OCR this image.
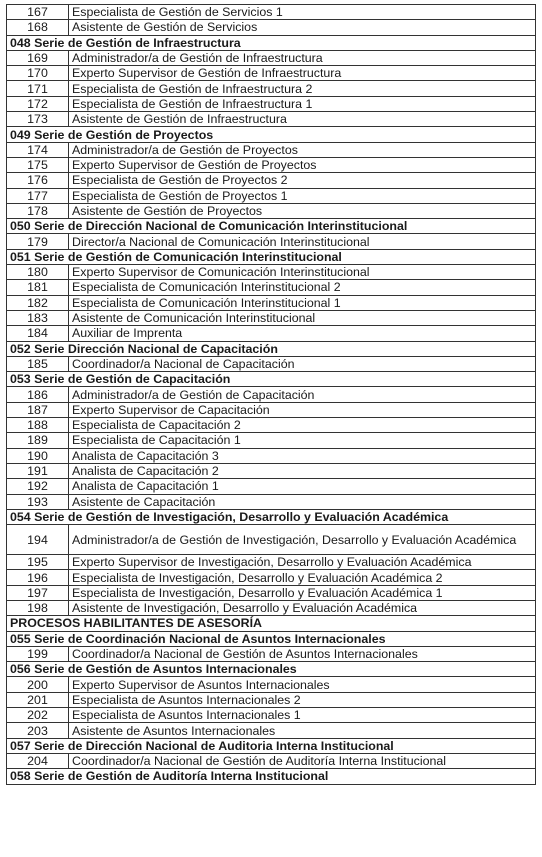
167	Especialista de Gestión de Servicios 1
168	Asistente de Gestión de Servicios
048 Serie de Gestión de Infraestructura	
169	Administrador/a de Gestión de Infraestructura
170	Experto Supervisor de Gestión de Infraestructura
171	Especialista de Gestión de Infraestructura 2
172	Especialista de Gestión de Infraestructura 1
173	Asistente de Gestión de Infraestructura
049 Serie de Gestión de Proyectos	
174	Administrador/a de Gestión de Proyectos
175	Experto Supervisor de Gestión de Proyectos
176	Especialista de Gestión de Proyectos 2
177	Especialista de Gestión de Proyectos 1
178	Asistente de Gestión de Proyectos
050 Serie de Dirección Nacional de Comunicación Interinstitucional	
179	Director/a Nacional de Comunicación Interinstitucional
051 Serie de Gestión de Comunicación Interinstitucional	
180	Experto Supervisor de Comunicación Interinstitucional
181	Especialista de Comunicación Interinstitucional 2
182	Especialista de Comunicación Interinstitucional 1
183	Asistente de Comunicación Interinstitucional
184	Auxiliar de Imprenta
052 Serie Dirección Nacional de Capacitación	
185	Coordinador/a Nacional de Capacitación
053 Serie de Gestión de Capacitación	
186	Administrador/a de Gestión de Capacitación
187	Experto Supervisor de Capacitación
188	Especialista de Capacitación 2
189	Especialista de Capacitación 1
190	Analista de Capacitación 3
191	Analista de Capacitación 2
192	Analista de Capacitación 1
193	Asistente de Capacitación
054 Serie de Gestión de Investigación, Desarrollo y Evaluación Académica	
194	Administrador/a de Gestión de Investigación, Desarrollo y Evaluación Académica
195	Experto Supervisor de Investigación, Desarrollo y Evaluación Académica
196	Especialista de Investigación, Desarrollo y Evaluación Académica 2
197	Especialista de Investigación, Desarrollo y Evaluación Académica 1
198	Asistente de Investigación, Desarrollo y Evaluación Académica
PROCESOS HABILITANTES DE ASESORÍA	
055 Serie de Coordinación Nacional de Asuntos Internacionales	
199	Coordinador/a Nacional de Gestión de Asuntos Internacionales
056 Serie de Gestión de Asuntos Internacionales	
200	Experto Supervisor de Asuntos Internacionales
201	Especialista de Asuntos Internacionales 2
202	Especialista de Asuntos Internacionales 1
203	Asistente de Asuntos Internacionales
057 Serie de Dirección Nacional de Auditoria Interna Institucional	
204	Coordinador/a Nacional de Gestión de Auditoría Interna Institucional
058 Serie de Gestión de Auditoría Interna Institucional	
